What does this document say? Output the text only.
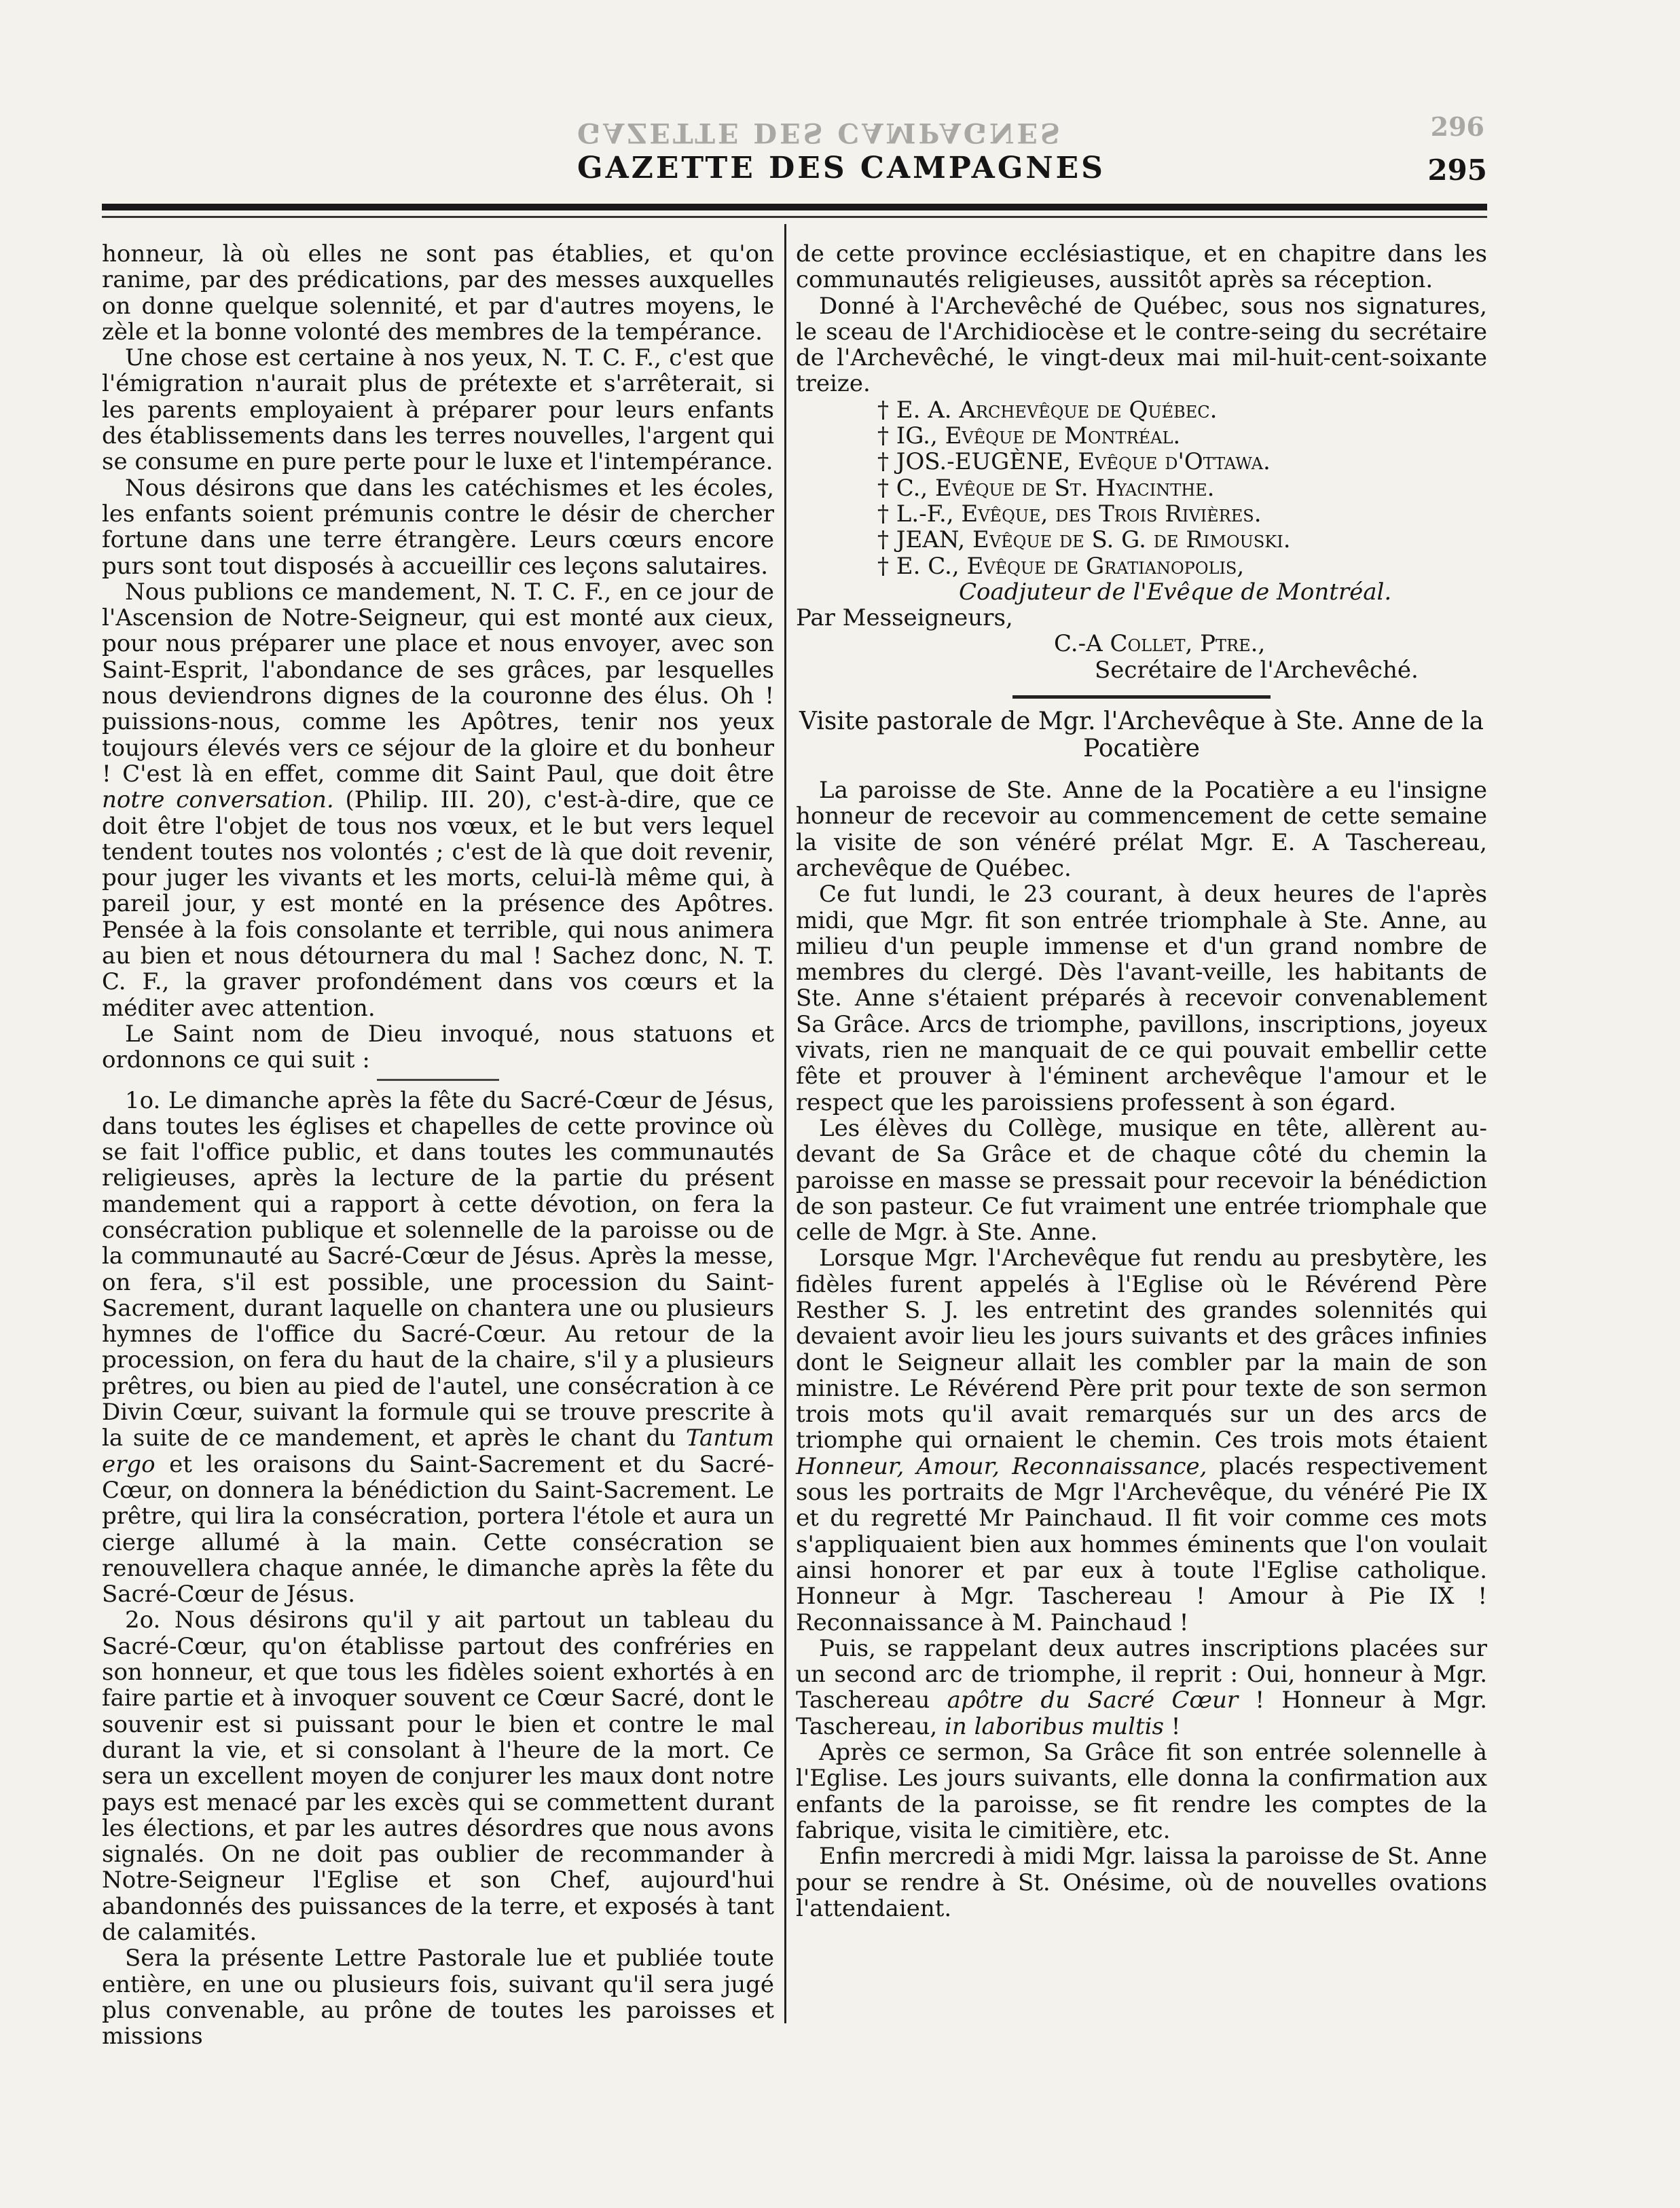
GAZETTE DES CAMPAGNES
GAZETTE DES CAMPAGNES
296
295

honneur, là où elles ne sont pas établies, et qu'on ranime, par des prédications, par des messes auxquelles on donne quelque solennité, et par d'autres moyens, le zèle et la bonne volonté des membres de la tempérance.

Une chose est certaine à nos yeux, N. T. C. F., c'est que l'émigration n'aurait plus de prétexte et s'arrêterait, si les parents employaient à préparer pour leurs enfants des établissements dans les terres nouvelles, l'argent qui se consume en pure perte pour le luxe et l'intempérance.

Nous désirons que dans les catéchismes et les écoles, les enfants soient prémunis contre le désir de chercher fortune dans une terre étrangère. Leurs cœurs encore purs sont tout disposés à accueillir ces leçons salutaires.

Nous publions ce mandement, N. T. C. F., en ce jour de l'Ascension de Notre-Seigneur, qui est monté aux cieux, pour nous préparer une place et nous envoyer, avec son Saint-Esprit, l'abondance de ses grâces, par lesquelles nous deviendrons dignes de la couronne des élus. Oh ! puissions-nous, comme les Apôtres, tenir nos yeux toujours élevés vers ce séjour de la gloire et du bonheur ! C'est là en effet, comme dit Saint Paul, que doit être notre conversation. (Philip. III. 20), c'est-à-dire, que ce doit être l'objet de tous nos vœux, et le but vers lequel tendent toutes nos volontés ; c'est de là que doit revenir, pour juger les vivants et les morts, celui-là même qui, à pareil jour, y est monté en la présence des Apôtres. Pensée à la fois consolante et terrible, qui nous animera au bien et nous détournera du mal ! Sachez donc, N. T. C. F., la graver profondément dans vos cœurs et la méditer avec attention.

Le Saint nom de Dieu invoqué, nous statuons et ordonnons ce qui suit :

1o. Le dimanche après la fête du Sacré-Cœur de Jésus, dans toutes les églises et chapelles de cette province où se fait l'office public, et dans toutes les communautés religieuses, après la lecture de la partie du présent mandement qui a rapport à cette dévotion, on fera la consécration publique et solennelle de la paroisse ou de la communauté au Sacré-Cœur de Jésus. Après la messe, on fera, s'il est possible, une procession du Saint-Sacrement, durant laquelle on chantera une ou plusieurs hymnes de l'office du Sacré-Cœur. Au retour de la procession, on fera du haut de la chaire, s'il y a plusieurs prêtres, ou bien au pied de l'autel, une consécration à ce Divin Cœur, suivant la formule qui se trouve prescrite à la suite de ce mandement, et après le chant du Tantum ergo et les oraisons du Saint-Sacrement et du Sacré-Cœur, on donnera la bénédiction du Saint-Sacrement. Le prêtre, qui lira la consécration, portera l'étole et aura un cierge allumé à la main. Cette consécration se renouvellera chaque année, le dimanche après la fête du Sacré-Cœur de Jésus.

2o. Nous désirons qu'il y ait partout un tableau du Sacré-Cœur, qu'on établisse partout des confréries en son honneur, et que tous les fidèles soient exhortés à en faire partie et à invoquer souvent ce Cœur Sacré, dont le souvenir est si puissant pour le bien et contre le mal durant la vie, et si consolant à l'heure de la mort. Ce sera un excellent moyen de conjurer les maux dont notre pays est menacé par les excès qui se commettent durant les élections, et par les autres désordres que nous avons signalés. On ne doit pas oublier de recommander à Notre-Seigneur l'Eglise et son Chef, aujourd'hui abandonnés des puissances de la terre, et exposés à tant de calamités.

Sera la présente Lettre Pastorale lue et publiée toute entière, en une ou plusieurs fois, suivant qu'il sera jugé plus convenable, au prône de toutes les paroisses et missions

de cette province ecclésiastique, et en chapitre dans les communautés religieuses, aussitôt après sa réception.

Donné à l'Archevêché de Québec, sous nos signatures, le sceau de l'Archidiocèse et le contre-seing du secrétaire de l'Archevêché, le vingt-deux mai mil-huit-cent-soixante treize.

† E. A. Archevêque de Québec.

† IG., Evêque de Montréal.

† JOS.-EUGÈNE, Evêque d'Ottawa.

† C., Evêque de St. Hyacinthe.

† L.-F., Evêque, des Trois Rivières.

† JEAN, Evêque de S. G. de Rimouski.

† E. C., Evêque de Gratianopolis,

Coadjuteur de l'Evêque de Montréal.

Par Messeigneurs,

C.-A Collet, Ptre.,

Secrétaire de l'Archevêché.

Visite pastorale de Mgr. l'Archevêque à Ste. Anne de la Pocatière

La paroisse de Ste. Anne de la Pocatière a eu l'insigne honneur de recevoir au commencement de cette semaine la visite de son vénéré prélat Mgr. E. A Taschereau, archevêque de Québec.

Ce fut lundi, le 23 courant, à deux heures de l'après midi, que Mgr. fit son entrée triomphale à Ste. Anne, au milieu d'un peuple immense et d'un grand nombre de membres du clergé. Dès l'avant-veille, les habitants de Ste. Anne s'étaient préparés à recevoir convenablement Sa Grâce. Arcs de triomphe, pavillons, inscriptions, joyeux vivats, rien ne manquait de ce qui pouvait embellir cette fête et prouver à l'éminent archevêque l'amour et le respect que les paroissiens professent à son égard.

Les élèves du Collège, musique en tête, allèrent au-devant de Sa Grâce et de chaque côté du chemin la paroisse en masse se pressait pour recevoir la bénédiction de son pasteur. Ce fut vraiment une entrée triomphale que celle de Mgr. à Ste. Anne.

Lorsque Mgr. l'Archevêque fut rendu au presbytère, les fidèles furent appelés à l'Eglise où le Révérend Père Resther S. J. les entretint des grandes solennités qui devaient avoir lieu les jours suivants et des grâces infinies dont le Seigneur allait les combler par la main de son ministre. Le Révérend Père prit pour texte de son sermon trois mots qu'il avait remarqués sur un des arcs de triomphe qui ornaient le chemin. Ces trois mots étaient Honneur, Amour, Reconnaissance, placés respectivement sous les portraits de Mgr l'Archevêque, du vénéré Pie IX et du regretté Mr Painchaud. Il fit voir comme ces mots s'appliquaient bien aux hommes éminents que l'on voulait ainsi honorer et par eux à toute l'Eglise catholique. Honneur à Mgr. Taschereau ! Amour à Pie IX ! Reconnaissance à M. Painchaud !

Puis, se rappelant deux autres inscriptions placées sur un second arc de triomphe, il reprit : Oui, honneur à Mgr. Taschereau apôtre du Sacré Cœur ! Honneur à Mgr. Taschereau, in laboribus multis !

Après ce sermon, Sa Grâce fit son entrée solennelle à l'Eglise. Les jours suivants, elle donna la confirmation aux enfants de la paroisse, se fit rendre les comptes de la fabrique, visita le cimitière, etc.

Enfin mercredi à midi Mgr. laissa la paroisse de St. Anne pour se rendre à St. Onésime, où de nouvelles ovations l'attendaient.
